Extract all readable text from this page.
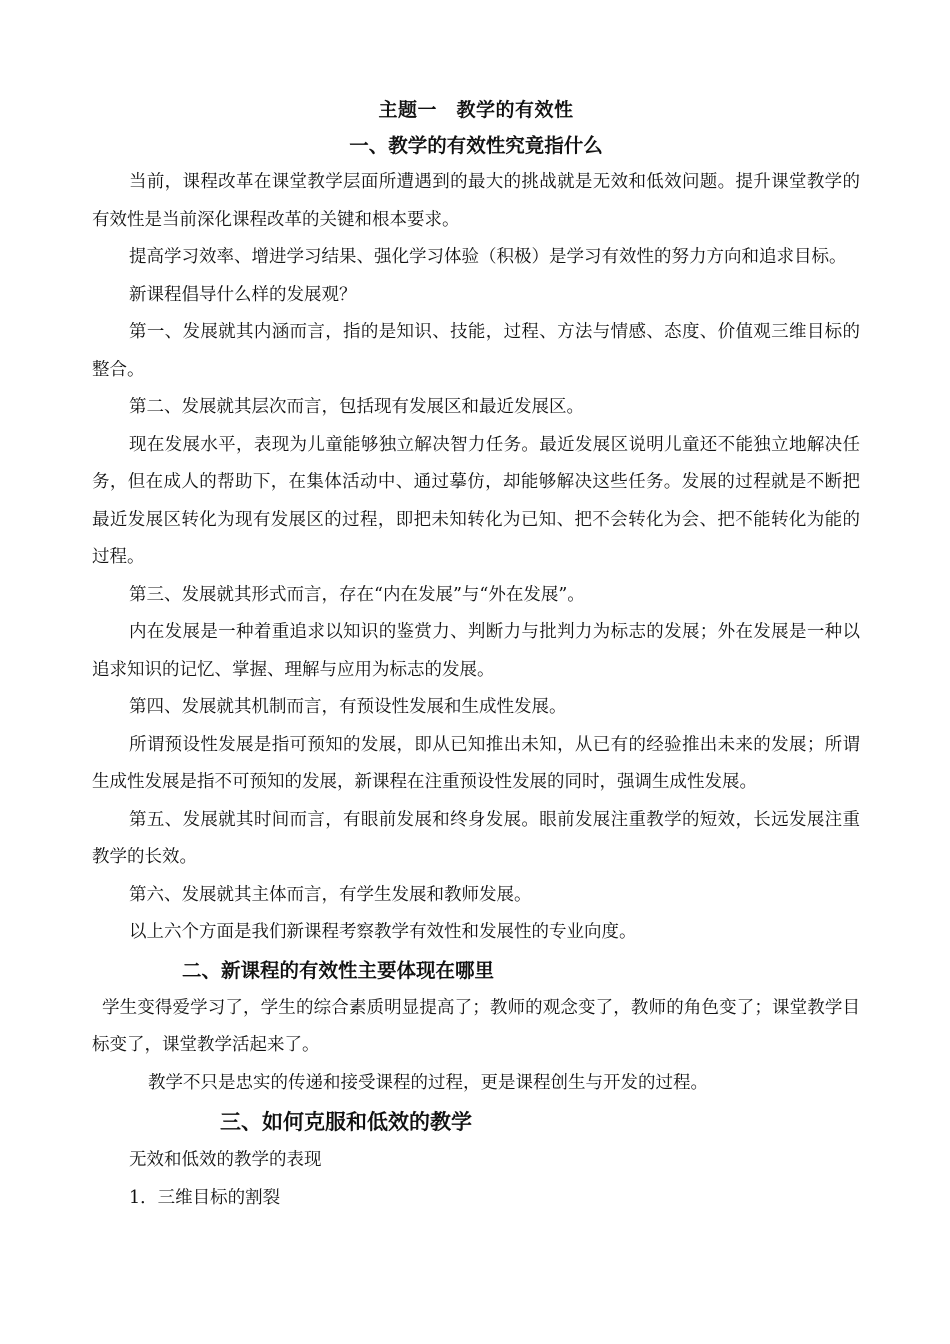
主题一　教学的有效性
一、教学的有效性究竟指什么

当前，课程改革在课堂教学层面所遭遇到的最大的挑战就是无效和低效问题。提升课堂教学的有效性是当前深化课程改革的关键和根本要求。

提高学习效率、增进学习结果、强化学习体验（积极）是学习有效性的努力方向和追求目标。

新课程倡导什么样的发展观？

第一、发展就其内涵而言，指的是知识、技能，过程、方法与情感、态度、价值观三维目标的整合。

第二、发展就其层次而言，包括现有发展区和最近发展区。

现在发展水平，表现为儿童能够独立解决智力任务。最近发展区说明儿童还不能独立地解决任务，但在成人的帮助下，在集体活动中、通过摹仿，却能够解决这些任务。发展的过程就是不断把最近发展区转化为现有发展区的过程，即把未知转化为已知、把不会转化为会、把不能转化为能的过程。

第三、发展就其形式而言，存在“内在发展”与“外在发展”。

内在发展是一种着重追求以知识的鉴赏力、判断力与批判力为标志的发展；外在发展是一种以追求知识的记忆、掌握、理解与应用为标志的发展。

第四、发展就其机制而言，有预设性发展和生成性发展。

所谓预设性发展是指可预知的发展，即从已知推出未知，从已有的经验推出未来的发展；所谓生成性发展是指不可预知的发展，新课程在注重预设性发展的同时，强调生成性发展。

第五、发展就其时间而言，有眼前发展和终身发展。眼前发展注重教学的短效，长远发展注重教学的长效。

第六、发展就其主体而言，有学生发展和教师发展。

以上六个方面是我们新课程考察教学有效性和发展性的专业向度。

二、新课程的有效性主要体现在哪里

学生变得爱学习了，学生的综合素质明显提高了；教师的观念变了，教师的角色变了；课堂教学目标变了，课堂教学活起来了。

教学不只是忠实的传递和接受课程的过程，更是课程创生与开发的过程。

三、如何克服和低效的教学

无效和低效的教学的表现

1．三维目标的割裂
